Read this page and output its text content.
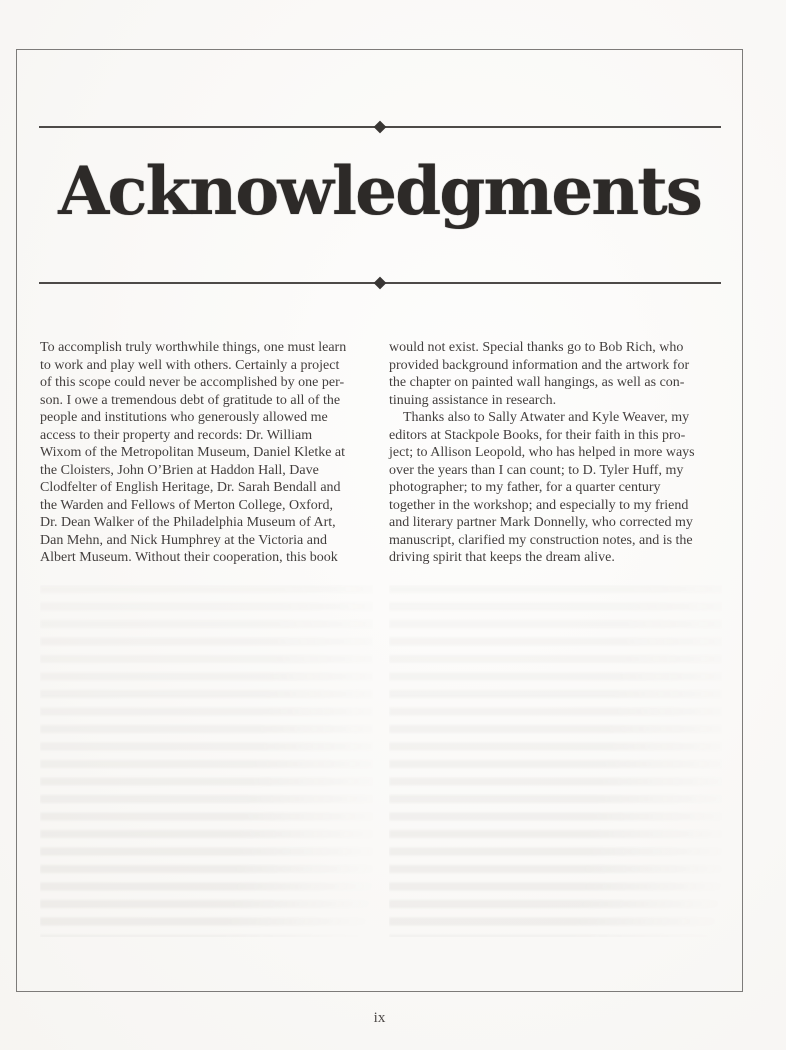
Acknowledgments
To accomplish truly worthwhile things, one must learn
to work and play well with others. Certainly a project
of this scope could never be accomplished by one per-
son. I owe a tremendous debt of gratitude to all of the
people and institutions who generously allowed me
access to their property and records: Dr. William
Wixom of the Metropolitan Museum, Daniel Kletke at
the Cloisters, John O’Brien at Haddon Hall, Dave
Clodfelter of English Heritage, Dr. Sarah Bendall and
the Warden and Fellows of Merton College, Oxford,
Dr. Dean Walker of the Philadelphia Museum of Art,
Dan Mehn, and Nick Humphrey at the Victoria and
Albert Museum. Without their cooperation, this book
would not exist. Special thanks go to Bob Rich, who
provided background information and the artwork for
the chapter on painted wall hangings, as well as con-
tinuing assistance in research.
Thanks also to Sally Atwater and Kyle Weaver, my
editors at Stackpole Books, for their faith in this pro-
ject; to Allison Leopold, who has helped in more ways
over the years than I can count; to D. Tyler Huff, my
photographer; to my father, for a quarter century
together in the workshop; and especially to my friend
and literary partner Mark Donnelly, who corrected my
manuscript, clarified my construction notes, and is the
driving spirit that keeps the dream alive.
ix
